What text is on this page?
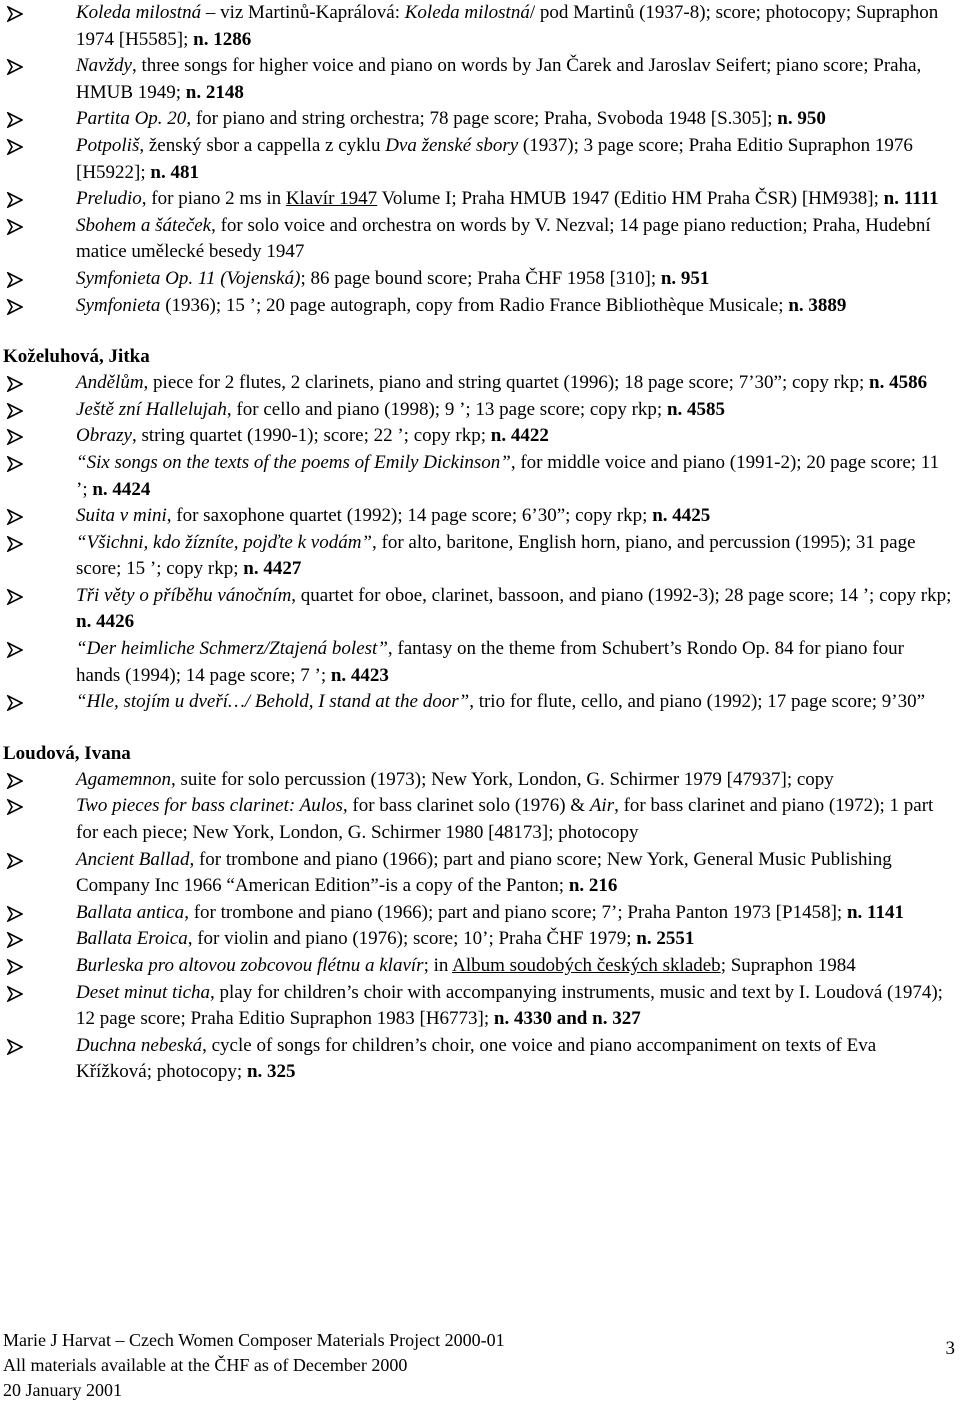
Koleda milostná – viz Martinů-Kaprálová: Koleda milostná/ pod Martinů (1937-8); score; photocopy; Supraphon 1974 [H5585]; n. 1286
Navždy, three songs for higher voice and piano on words by Jan Čarek and Jaroslav Seifert; piano score; Praha, HMUB 1949; n. 2148
Partita Op. 20, for piano and string orchestra; 78 page score; Praha, Svoboda 1948 [S.305]; n. 950
Potpoliš, ženský sbor a cappella z cyklu Dva ženské sbory (1937); 3 page score; Praha Editio Supraphon 1976 [H5922]; n. 481
Preludio, for piano 2 ms in Klavír 1947 Volume I; Praha HMUB 1947 (Editio HM Praha ČSR) [HM938]; n. 1111
Sbohem a šáteček, for solo voice and orchestra on words by V. Nezval; 14 page piano reduction; Praha, Hudební matice umělecké besedy 1947
Symfonieta Op. 11 (Vojenská); 86 page bound score; Praha ČHF 1958 [310]; n. 951
Symfonieta (1936); 15 ’; 20 page autograph, copy from Radio France Bibliothèque Musicale; n. 3889

Koželuhová, Jitka

Andělům, piece for 2 flutes, 2 clarinets, piano and string quartet (1996); 18 page score; 7’30”; copy rkp; n. 4586
Ještě zní Hallelujah, for cello and piano (1998); 9 ’; 13 page score; copy rkp; n. 4585
Obrazy, string quartet (1990-1); score; 22 ’; copy rkp; n. 4422
“Six songs on the texts of the poems of Emily Dickinson”, for middle voice and piano (1991-2); 20 page score; 11 ’; n. 4424
Suita v mini, for saxophone quartet (1992); 14 page score; 6’30”; copy rkp; n. 4425
“Všichni, kdo žízníte, pojďte k vodám”, for alto, baritone, English horn, piano, and percussion (1995); 31 page score; 15 ’; copy rkp; n. 4427
Tři věty o příběhu vánočním, quartet for oboe, clarinet, bassoon, and piano (1992-3); 28 page score; 14 ’; copy rkp; n. 4426
“Der heimliche Schmerz/Ztajená bolest”, fantasy on the theme from Schubert’s Rondo Op. 84 for piano four hands (1994); 14 page score; 7 ’; n. 4423
“Hle, stojím u dveří…/ Behold, I stand at the door”, trio for flute, cello, and piano (1992); 17 page score; 9’30”

Loudová, Ivana

Agamemnon, suite for solo percussion (1973); New York, London, G. Schirmer 1979 [47937]; copy
Two pieces for bass clarinet: Aulos, for bass clarinet solo (1976) & Air, for bass clarinet and piano (1972); 1 part for each piece; New York, London, G. Schirmer 1980 [48173]; photocopy
Ancient Ballad, for trombone and piano (1966); part and piano score; New York, General Music Publishing Company Inc 1966 “American Edition”-is a copy of the Panton; n. 216
Ballata antica, for trombone and piano (1966); part and piano score; 7’; Praha Panton 1973 [P1458]; n. 1141
Ballata Eroica, for violin and piano (1976); score; 10’; Praha ČHF 1979; n. 2551
Burleska pro altovou zobcovou flétnu a klavír; in Album soudobých českých skladeb; Supraphon 1984
Deset minut ticha, play for children’s choir with accompanying instruments, music and text by I. Loudová (1974); 12 page score; Praha Editio Supraphon 1983 [H6773]; n. 4330 and n. 327
Duchna nebeská, cycle of songs for children’s choir, one voice and piano accompaniment on texts of Eva Křížková; photocopy; n. 325
Marie J Harvat – Czech Women Composer Materials Project 2000-01
All materials available at the ČHF as of December 2000
20 January 2001
3
